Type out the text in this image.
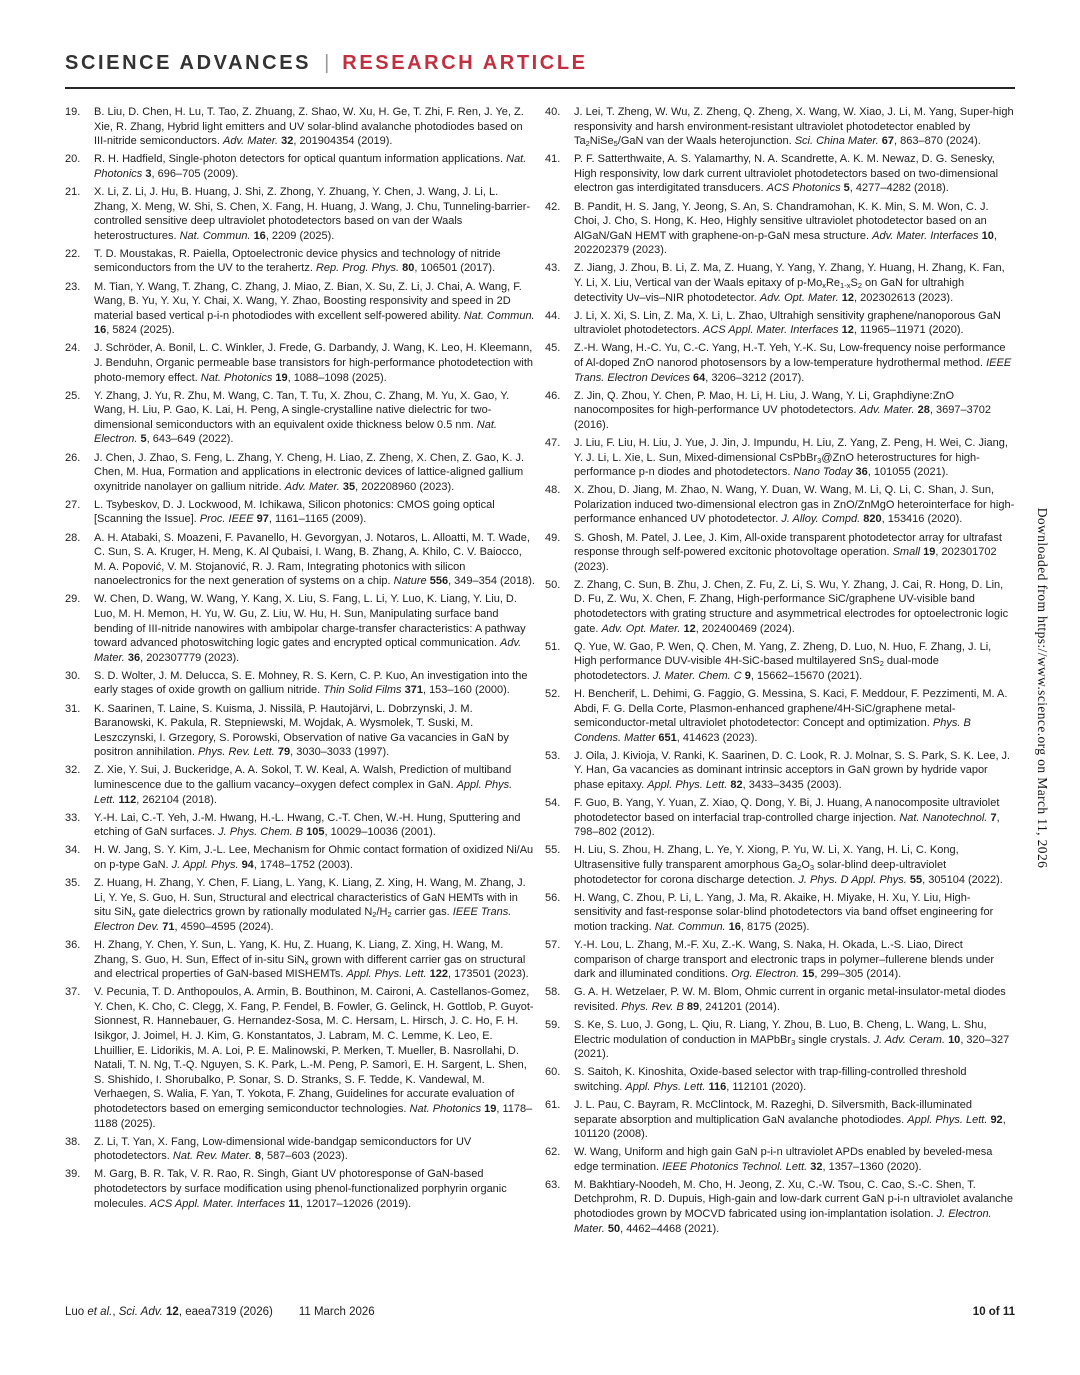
SCIENCE ADVANCES | RESEARCH ARTICLE
19.	B. Liu, D. Chen, H. Lu, T. Tao, Z. Zhuang, Z. Shao, W. Xu, H. Ge, T. Zhi, F. Ren, J. Ye, Z. Xie, R. Zhang, Hybrid light emitters and UV solar-blind avalanche photodiodes based on III-nitride semiconductors. Adv. Mater. 32, 201904354 (2019).
20.	R. H. Hadfield, Single-photon detectors for optical quantum information applications. Nat. Photonics 3, 696–705 (2009).
21.	X. Li, Z. Li, J. Hu, B. Huang, J. Shi, Z. Zhong, Y. Zhuang, Y. Chen, J. Wang, J. Li, L. Zhang, X. Meng, W. Shi, S. Chen, X. Fang, H. Huang, J. Wang, J. Chu, Tunneling-barrier-controlled sensitive deep ultraviolet photodetectors based on van der Waals heterostructures. Nat. Commun. 16, 2209 (2025).
22.	T. D. Moustakas, R. Paiella, Optoelectronic device physics and technology of nitride semiconductors from the UV to the terahertz. Rep. Prog. Phys. 80, 106501 (2017).
23.	M. Tian, Y. Wang, T. Zhang, C. Zhang, J. Miao, Z. Bian, X. Su, Z. Li, J. Chai, A. Wang, F. Wang, B. Yu, Y. Xu, Y. Chai, X. Wang, Y. Zhao, Boosting responsivity and speed in 2D material based vertical p-i-n photodiodes with excellent self-powered ability. Nat. Commun. 16, 5824 (2025).
24.	J. Schröder, A. Bonil, L. C. Winkler, J. Frede, G. Darbandy, J. Wang, K. Leo, H. Kleemann, J. Benduhn, Organic permeable base transistors for high-performance photodetection with photo-memory effect. Nat. Photonics 19, 1088–1098 (2025).
25.	Y. Zhang, J. Yu, R. Zhu, M. Wang, C. Tan, T. Tu, X. Zhou, C. Zhang, M. Yu, X. Gao, Y. Wang, H. Liu, P. Gao, K. Lai, H. Peng, A single-crystalline native dielectric for two-dimensional semiconductors with an equivalent oxide thickness below 0.5 nm. Nat. Electron. 5, 643–649 (2022).
26.	J. Chen, J. Zhao, S. Feng, L. Zhang, Y. Cheng, H. Liao, Z. Zheng, X. Chen, Z. Gao, K. J. Chen, M. Hua, Formation and applications in electronic devices of lattice-aligned gallium oxynitride nanolayer on gallium nitride. Adv. Mater. 35, 202208960 (2023).
27.	L. Tsybeskov, D. J. Lockwood, M. Ichikawa, Silicon photonics: CMOS going optical [Scanning the Issue]. Proc. IEEE 97, 1161–1165 (2009).
28.	A. H. Atabaki, S. Moazeni, F. Pavanello, H. Gevorgyan, J. Notaros, L. Alloatti, M. T. Wade, C. Sun, S. A. Kruger, H. Meng, K. Al Qubaisi, I. Wang, B. Zhang, A. Khilo, C. V. Baiocco, M. A. Popović, V. M. Stojanović, R. J. Ram, Integrating photonics with silicon nanoelectronics for the next generation of systems on a chip. Nature 556, 349–354 (2018).
29.	W. Chen, D. Wang, W. Wang, Y. Kang, X. Liu, S. Fang, L. Li, Y. Luo, K. Liang, Y. Liu, D. Luo, M. H. Memon, H. Yu, W. Gu, Z. Liu, W. Hu, H. Sun, Manipulating surface band bending of III-nitride nanowires with ambipolar charge-transfer characteristics: A pathway toward advanced photoswitching logic gates and encrypted optical communication. Adv. Mater. 36, 202307779 (2023).
30.	S. D. Wolter, J. M. Delucca, S. E. Mohney, R. S. Kern, C. P. Kuo, An investigation into the early stages of oxide growth on gallium nitride. Thin Solid Films 371, 153–160 (2000).
31.	K. Saarinen, T. Laine, S. Kuisma, J. Nissilä, P. Hautojärvi, L. Dobrzynski, J. M. Baranowski, K. Pakula, R. Stepniewski, M. Wojdak, A. Wysmolek, T. Suski, M. Leszczynski, I. Grzegory, S. Porowski, Observation of native Ga vacancies in GaN by positron annihilation. Phys. Rev. Lett. 79, 3030–3033 (1997).
32.	Z. Xie, Y. Sui, J. Buckeridge, A. A. Sokol, T. W. Keal, A. Walsh, Prediction of multiband luminescence due to the gallium vacancy–oxygen defect complex in GaN. Appl. Phys. Lett. 112, 262104 (2018).
33.	Y.-H. Lai, C.-T. Yeh, J.-M. Hwang, H.-L. Hwang, C.-T. Chen, W.-H. Hung, Sputtering and etching of GaN surfaces. J. Phys. Chem. B 105, 10029–10036 (2001).
34.	H. W. Jang, S. Y. Kim, J.-L. Lee, Mechanism for Ohmic contact formation of oxidized Ni/Au on p-type GaN. J. Appl. Phys. 94, 1748–1752 (2003).
35.	Z. Huang, H. Zhang, Y. Chen, F. Liang, L. Yang, K. Liang, Z. Xing, H. Wang, M. Zhang, J. Li, Y. Ye, S. Guo, H. Sun, Structural and electrical characteristics of GaN HEMTs with in situ SiN$_x$ gate dielectrics grown by rationally modulated $N_2/H_2$ carrier gas. IEEE Trans. Electron Dev. 71, 4590–4595 (2024).
36.	H. Zhang, Y. Chen, Y. Sun, L. Yang, K. Hu, Z. Huang, K. Liang, Z. Xing, H. Wang, M. Zhang, S. Guo, H. Sun, Effect of in-situ SiN$_x$ grown with different carrier gas on structural and electrical properties of GaN-based MISHEMTs. Appl. Phys. Lett. 122, 173501 (2023).
37.	V. Pecunia, T. D. Anthopoulos, A. Armin, B. Bouthinon, M. Caironi, A. Castellanos-Gomez, Y. Chen, K. Cho, C. Clegg, X. Fang, P. Fendel, B. Fowler, G. Gelinck, H. Gottlob, P. Guyot-Sionnest, R. Hannebauer, G. Hernandez-Sosa, M. C. Hersam, L. Hirsch, J. C. Ho, F. H. Isikgor, J. Joimel, H. J. Kim, G. Konstantatos, J. Labram, M. C. Lemme, K. Leo, E. Lhuillier, E. Lidorikis, M. A. Loi, P. E. Malinowski, P. Merken, T. Mueller, B. Nasrollahi, D. Natali, T. N. Ng, T.-Q. Nguyen, S. K. Park, L.-M. Peng, P. Samorì, E. H. Sargent, L. Shen, S. Shishido, I. Shorubalko, P. Sonar, S. D. Stranks, S. F. Tedde, K. Vandewal, M. Verhaegen, S. Walia, F. Yan, T. Yokota, F. Zhang, Guidelines for accurate evaluation of photodetectors based on emerging semiconductor technologies. Nat. Photonics 19, 1178–1188 (2025).
38.	Z. Li, T. Yan, X. Fang, Low-dimensional wide-bandgap semiconductors for UV photodetectors. Nat. Rev. Mater. 8, 587–603 (2023).
39.	M. Garg, B. R. Tak, V. R. Rao, R. Singh, Giant UV photoresponse of GaN-based photodetectors by surface modification using phenol-functionalized porphyrin organic molecules. ACS Appl. Mater. Interfaces 11, 12017–12026 (2019).
40.	J. Lei, T. Zheng, W. Wu, Z. Zheng, Q. Zheng, X. Wang, W. Xiao, J. Li, M. Yang, Super-high responsivity and harsh environment-resistant ultraviolet photodetector enabled by $Ta_2NiSe_5$/GaN van der Waals heterojunction. Sci. China Mater. 67, 863–870 (2024).
41.	P. F. Satterthwaite, A. S. Yalamarthy, N. A. Scandrette, A. K. M. Newaz, D. G. Senesky, High responsivity, low dark current ultraviolet photodetectors based on two-dimensional electron gas interdigitated transducers. ACS Photonics 5, 4277–4282 (2018).
42.	B. Pandit, H. S. Jang, Y. Jeong, S. An, S. Chandramohan, K. K. Min, S. M. Won, C. J. Choi, J. Cho, S. Hong, K. Heo, Highly sensitive ultraviolet photodetector based on an AlGaN/GaN HEMT with graphene-on-p-GaN mesa structure. Adv. Mater. Interfaces 10, 202202379 (2023).
43.	Z. Jiang, J. Zhou, B. Li, Z. Ma, Z. Huang, Y. Yang, Y. Zhang, Y. Huang, H. Zhang, K. Fan, Y. Li, X. Liu, Vertical van der Waals epitaxy of $p-Mo_xRe_{1-x}S_2$ on GaN for ultrahigh detectivity Uv–vis–NIR photodetector. Adv. Opt. Mater. 12, 202302613 (2023).
44.	J. Li, X. Xi, S. Lin, Z. Ma, X. Li, L. Zhao, Ultrahigh sensitivity graphene/nanoporous GaN ultraviolet photodetectors. ACS Appl. Mater. Interfaces 12, 11965–11971 (2020).
45.	Z.-H. Wang, H.-C. Yu, C.-C. Yang, H.-T. Yeh, Y.-K. Su, Low-frequency noise performance of Al-doped ZnO nanorod photosensors by a low-temperature hydrothermal method. IEEE Trans. Electron Devices 64, 3206–3212 (2017).
46.	Z. Jin, Q. Zhou, Y. Chen, P. Mao, H. Li, H. Liu, J. Wang, Y. Li, Graphdiyne:ZnO nanocomposites for high-performance UV photodetectors. Adv. Mater. 28, 3697–3702 (2016).
47.	J. Liu, F. Liu, H. Liu, J. Yue, J. Jin, J. Impundu, H. Liu, Z. Yang, Z. Peng, H. Wei, C. Jiang, Y. J. Li, L. Xie, L. Sun, Mixed-dimensional CsPbBr$_3$@ZnO heterostructures for high-performance p-n diodes and photodetectors. Nano Today 36, 101055 (2021).
48.	X. Zhou, D. Jiang, M. Zhao, N. Wang, Y. Duan, W. Wang, M. Li, Q. Li, C. Shan, J. Sun, Polarization induced two-dimensional electron gas in ZnO/ZnMgO heterointerface for high-performance enhanced UV photodetector. J. Alloy. Compd. 820, 153416 (2020).
49.	S. Ghosh, M. Patel, J. Lee, J. Kim, All-oxide transparent photodetector array for ultrafast response through self-powered excitonic photovoltage operation. Small 19, 202301702 (2023).
50.	Z. Zhang, C. Sun, B. Zhu, J. Chen, Z. Fu, Z. Li, S. Wu, Y. Zhang, J. Cai, R. Hong, D. Lin, D. Fu, Z. Wu, X. Chen, F. Zhang, High-performance SiC/graphene UV-visible band photodetectors with grating structure and asymmetrical electrodes for optoelectronic logic gate. Adv. Opt. Mater. 12, 202400469 (2024).
51.	Q. Yue, W. Gao, P. Wen, Q. Chen, M. Yang, Z. Zheng, D. Luo, N. Huo, F. Zhang, J. Li, High performance DUV-visible 4H-SiC-based multilayered SnS$_2$ dual-mode photodetectors. J. Mater. Chem. C 9, 15662–15670 (2021).
52.	H. Bencherif, L. Dehimi, G. Faggio, G. Messina, S. Kaci, F. Meddour, F. Pezzimenti, M. A. Abdi, F. G. Della Corte, Plasmon-enhanced graphene/4H-SiC/graphene metal-semiconductor-metal ultraviolet photodetector: Concept and optimization. Phys. B Condens. Matter 651, 414623 (2023).
53.	J. Oila, J. Kivioja, V. Ranki, K. Saarinen, D. C. Look, R. J. Molnar, S. S. Park, S. K. Lee, J. Y. Han, Ga vacancies as dominant intrinsic acceptors in GaN grown by hydride vapor phase epitaxy. Appl. Phys. Lett. 82, 3433–3435 (2003).
54.	F. Guo, B. Yang, Y. Yuan, Z. Xiao, Q. Dong, Y. Bi, J. Huang, A nanocomposite ultraviolet photodetector based on interfacial trap-controlled charge injection. Nat. Nanotechnol. 7, 798–802 (2012).
55.	H. Liu, S. Zhou, H. Zhang, L. Ye, Y. Xiong, P. Yu, W. Li, X. Yang, H. Li, C. Kong, Ultrasensitive fully transparent amorphous $Ga_2O_3$ solar-blind deep-ultraviolet photodetector for corona discharge detection. J. Phys. D Appl. Phys. 55, 305104 (2022).
56.	H. Wang, C. Zhou, P. Li, L. Yang, J. Ma, R. Akaike, H. Miyake, H. Xu, Y. Liu, High-sensitivity and fast-response solar-blind photodetectors via band offset engineering for motion tracking. Nat. Commun. 16, 8175 (2025).
57.	Y.-H. Lou, L. Zhang, M.-F. Xu, Z.-K. Wang, S. Naka, H. Okada, L.-S. Liao, Direct comparison of charge transport and electronic traps in polymer–fullerene blends under dark and illuminated conditions. Org. Electron. 15, 299–305 (2014).
58.	G. A. H. Wetzelaer, P. W. M. Blom, Ohmic current in organic metal-insulator-metal diodes revisited. Phys. Rev. B 89, 241201 (2014).
59.	S. Ke, S. Luo, J. Gong, L. Qiu, R. Liang, Y. Zhou, B. Luo, B. Cheng, L. Wang, L. Shu, Electric modulation of conduction in MAPbBr$_3$ single crystals. J. Adv. Ceram. 10, 320–327 (2021).
60.	S. Saitoh, K. Kinoshita, Oxide-based selector with trap-filling-controlled threshold switching. Appl. Phys. Lett. 116, 112101 (2020).
61.	J. L. Pau, C. Bayram, R. McClintock, M. Razeghi, D. Silversmith, Back-illuminated separate absorption and multiplication GaN avalanche photodiodes. Appl. Phys. Lett. 92, 101120 (2008).
62.	W. Wang, Uniform and high gain GaN p-i-n ultraviolet APDs enabled by beveled-mesa edge termination. IEEE Photonics Technol. Lett. 32, 1357–1360 (2020).
63.	M. Bakhtiary-Noodeh, M. Cho, H. Jeong, Z. Xu, C.-W. Tsou, C. Cao, S.-C. Shen, T. Detchprohm, R. D. Dupuis, High-gain and low-dark current GaN p-i-n ultraviolet avalanche photodiodes grown by MOCVD fabricated using ion-implantation isolation. J. Electron. Mater. 50, 4462–4468 (2021).
Luo et al., Sci. Adv. 12, eaea7319 (2026) 11 March 2026	10 of 11
Downloaded from https://www.science.org on March 11, 2026
